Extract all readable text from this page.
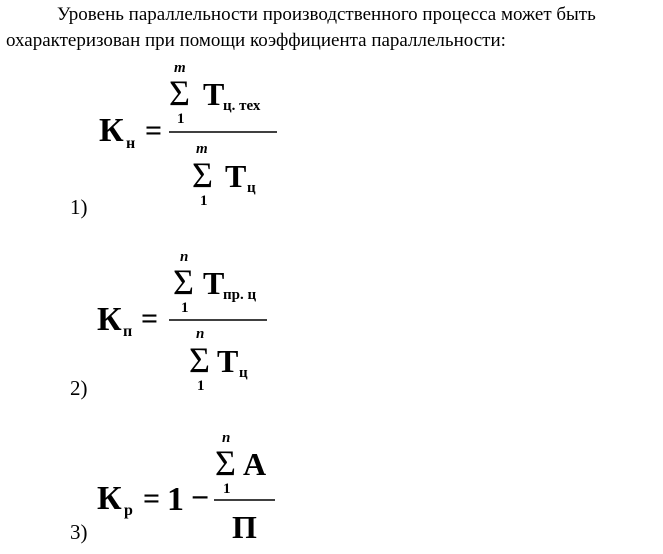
Уровень параллельности производственного процесса может быть
охарактеризован при помощи коэффициента параллельности:
1)
К н =
m
Σ
1
Т
ц. тех
m
Σ
1
Т ц
2)
К п =
n
Σ
1
Т
пр. ц
n
Σ
1
Т ц
3)
К р = 1 −
n
Σ
1
А
П
